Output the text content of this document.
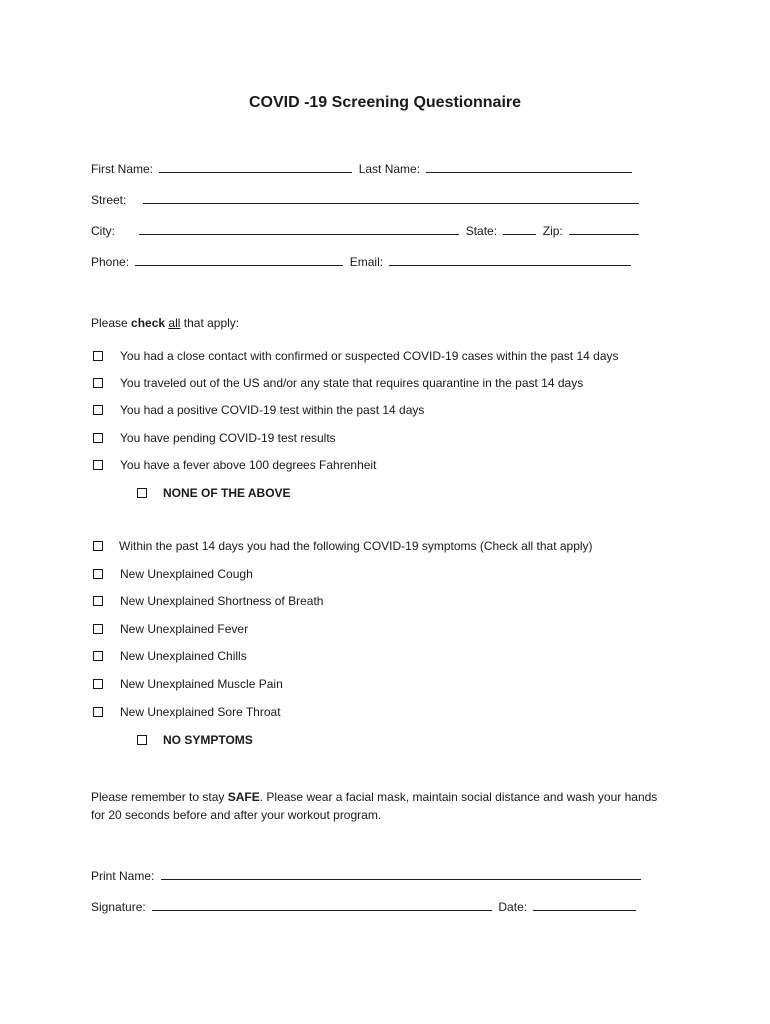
COVID -19 Screening Questionnaire
First Name:	Last Name:
Street:
City:	State:	Zip:
Phone:	Email:
Please check all that apply:
You had a close contact with confirmed or suspected COVID-19 cases within the past 14 days
You traveled out of the US and/or any state that requires quarantine in the past 14 days
You had a positive COVID-19 test within the past 14 days
You have pending COVID-19 test results
You have a fever above 100 degrees Fahrenheit
NONE OF THE ABOVE
Within the past 14 days you had the following COVID-19 symptoms (Check all that apply)
New Unexplained Cough
New Unexplained Shortness of Breath
New Unexplained Fever
New Unexplained Chills
New Unexplained Muscle Pain
New Unexplained Sore Throat
NO SYMPTOMS
Please remember to stay SAFE. Please wear a facial mask, maintain social distance and wash your hands for 20 seconds before and after your workout program.
Print Name:
Signature:	Date:
